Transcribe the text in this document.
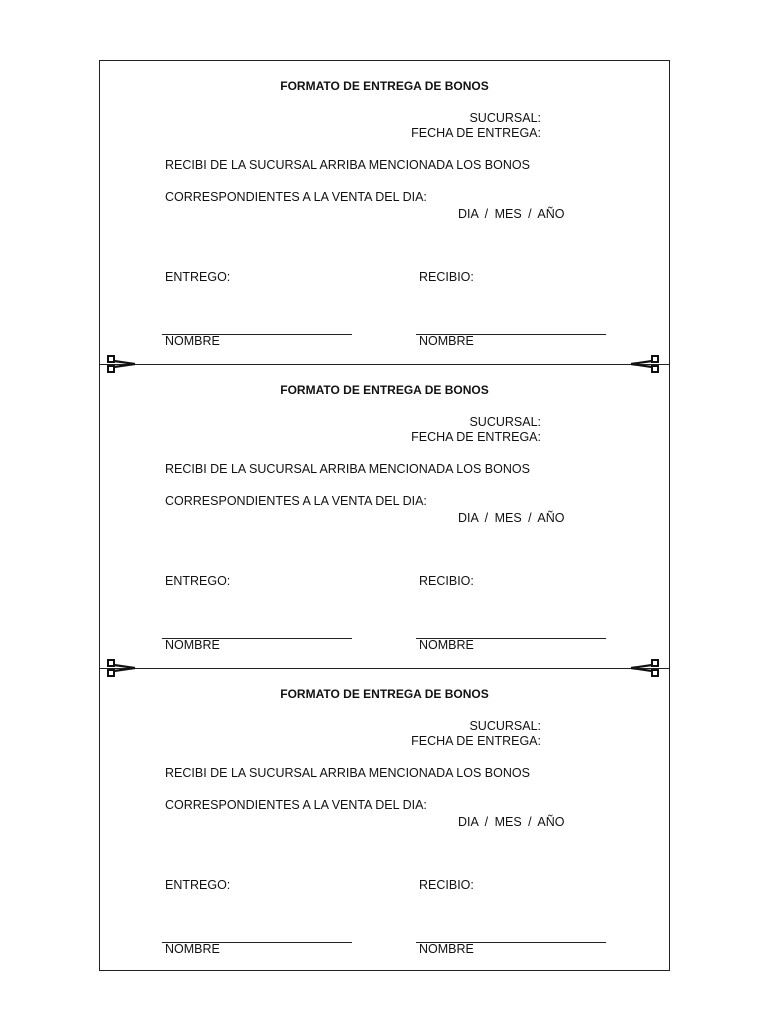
FORMATO DE ENTREGA DE BONOS
SUCURSAL:
FECHA DE ENTREGA:
RECIBI DE LA SUCURSAL ARRIBA MENCIONADA LOS BONOS
CORRESPONDIENTES A LA VENTA DEL DIA:
DIA / MES / AÑO
ENTREGO:	RECIBIO:
NOMBRE	NOMBRE
FORMATO DE ENTREGA DE BONOS
SUCURSAL:
FECHA DE ENTREGA:
RECIBI DE LA SUCURSAL ARRIBA MENCIONADA LOS BONOS
CORRESPONDIENTES A LA VENTA DEL DIA:
DIA / MES / AÑO
ENTREGO:	RECIBIO:
NOMBRE	NOMBRE
FORMATO DE ENTREGA DE BONOS
SUCURSAL:
FECHA DE ENTREGA:
RECIBI DE LA SUCURSAL ARRIBA MENCIONADA LOS BONOS
CORRESPONDIENTES A LA VENTA DEL DIA:
DIA / MES / AÑO
ENTREGO:	RECIBIO:
NOMBRE	NOMBRE
